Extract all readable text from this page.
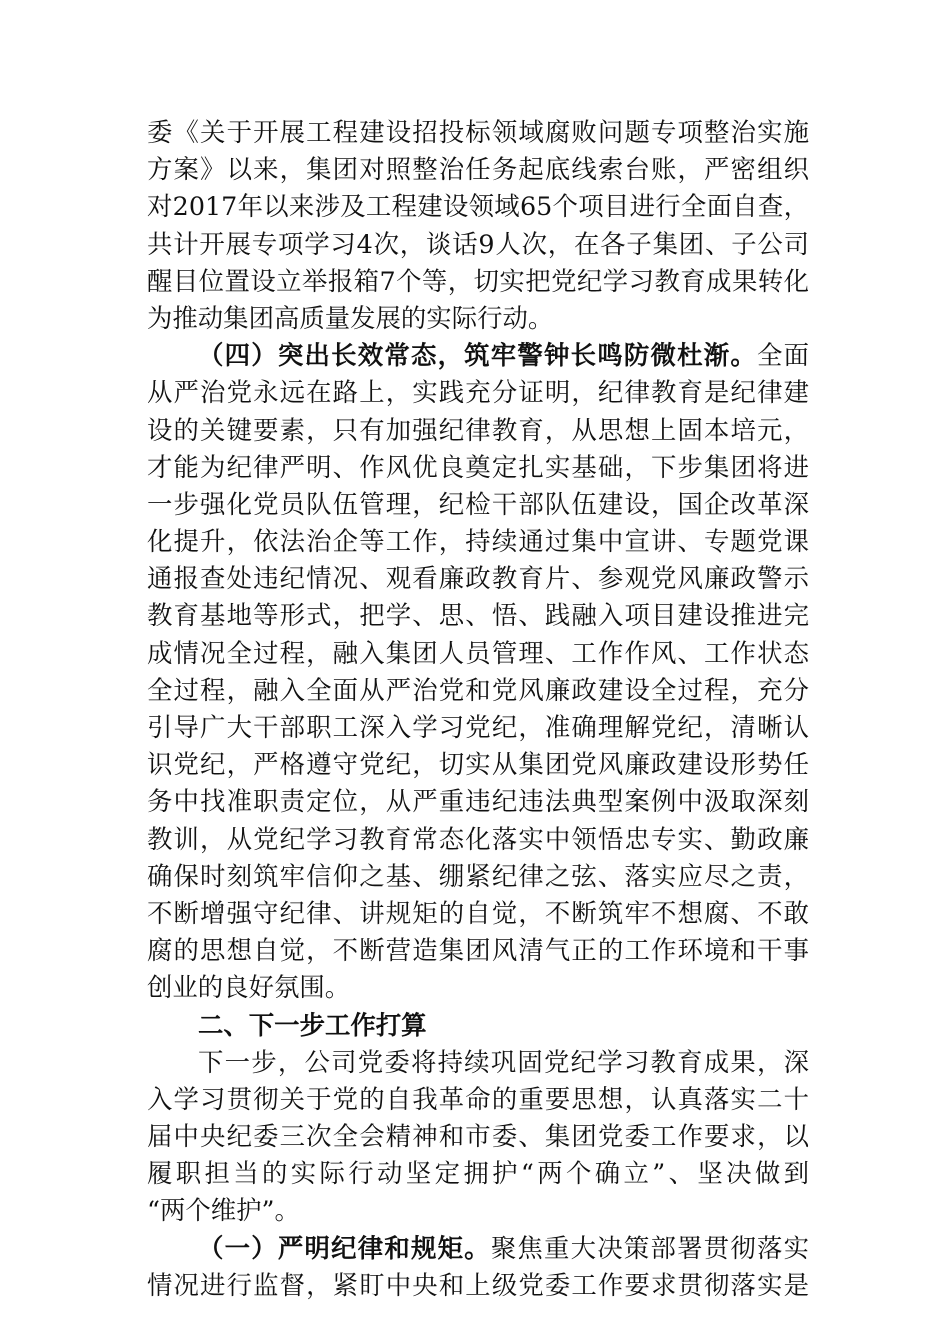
委《关于开展工程建设招投标领域腐败问题专项整治实施
方案》以来，集团对照整治任务起底线索台账，严密组织
对2017年以来涉及工程建设领域65个项目进行全面自查，
共计开展专项学习4次，谈话9人次，在各子集团、子公司
醒目位置设立举报箱7个等，切实把党纪学习教育成果转化
为推动集团高质量发展的实际行动。
（四）突出长效常态，筑牢警钟长鸣防微杜渐。全面
从严治党永远在路上，实践充分证明，纪律教育是纪律建
设的关键要素，只有加强纪律教育，从思想上固本培元，
才能为纪律严明、作风优良奠定扎实基础，下步集团将进
一步强化党员队伍管理，纪检干部队伍建设，国企改革深
化提升，依法治企等工作，持续通过集中宣讲、专题党课
通报查处违纪情况、观看廉政教育片、参观党风廉政警示
教育基地等形式，把学、思、悟、践融入项目建设推进完
成情况全过程，融入集团人员管理、工作作风、工作状态
全过程，融入全面从严治党和党风廉政建设全过程，充分
引导广大干部职工深入学习党纪，准确理解党纪，清晰认
识党纪，严格遵守党纪，切实从集团党风廉政建设形势任
务中找准职责定位，从严重违纪违法典型案例中汲取深刻
教训，从党纪学习教育常态化落实中领悟忠专实、勤政廉
确保时刻筑牢信仰之基、绷紧纪律之弦、落实应尽之责，
不断增强守纪律、讲规矩的自觉，不断筑牢不想腐、不敢
腐的思想自觉，不断营造集团风清气正的工作环境和干事
创业的良好氛围。
二、下一步工作打算
下一步，公司党委将持续巩固党纪学习教育成果，深
入学习贯彻关于党的自我革命的重要思想，认真落实二十
届中央纪委三次全会精神和市委、集团党委工作要求，以
履职担当的实际行动坚定拥护“两个确立”、坚决做到
“两个维护”。
（一）严明纪律和规矩。聚焦重大决策部署贯彻落实
情况进行监督，紧盯中央和上级党委工作要求贯彻落实是
